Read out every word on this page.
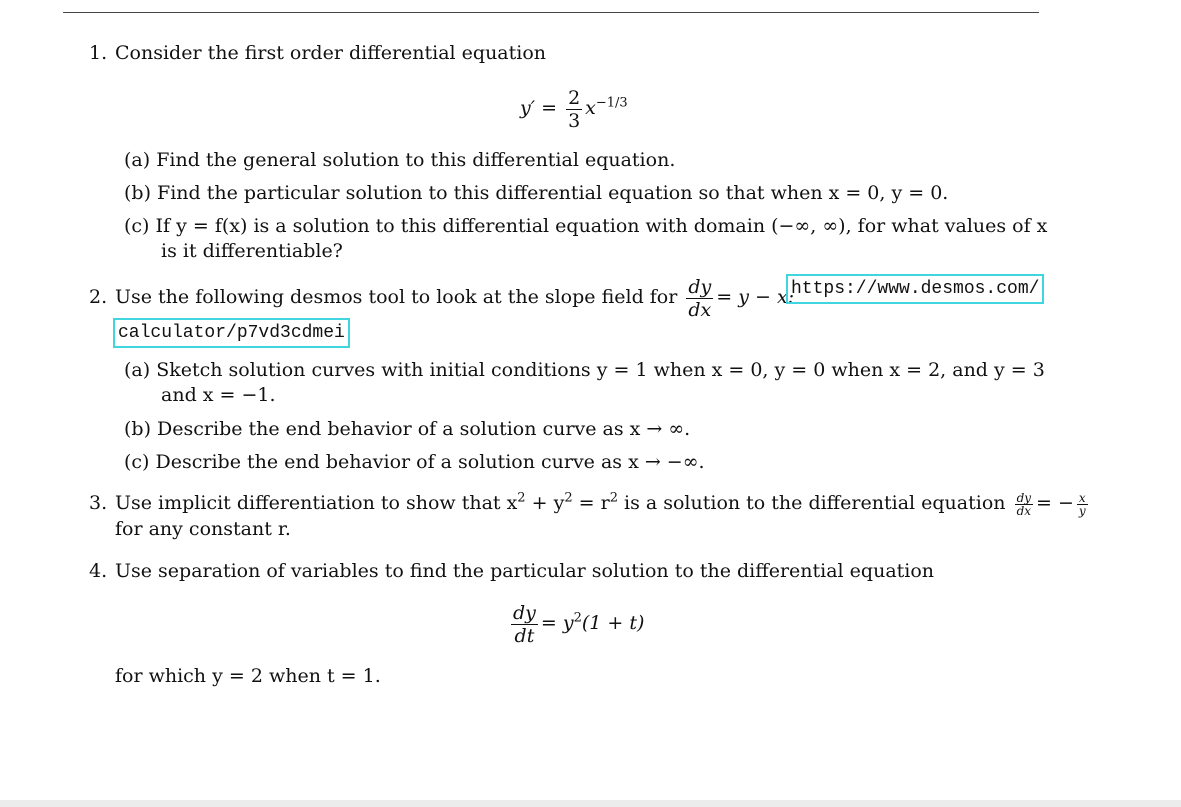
1. Consider the first order differential equation
$y' = \frac{2}{3} x^{-1/3}$
(a) Find the general solution to this differential equation.
(b) Find the particular solution to this differential equation so that when x = 0, y = 0.
(c) If y = f(x) is a solution to this differential equation with domain (−∞, ∞), for what values of x
is it differentiable?
2. Use the following desmos tool to look at the slope field for $\frac{dy}{dx} = y - x$:
https://www.desmos.com/
calculator/p7vd3cdmei
(a) Sketch solution curves with initial conditions y = 1 when x = 0, y = 0 when x = 2, and y = 3
and x = −1.
(b) Describe the end behavior of a solution curve as x → ∞.
(c) Describe the end behavior of a solution curve as x → −∞.
3. Use implicit differentiation to show that $x^2 + y^2 = r^2$ is a solution to the differential equation $\frac{dy}{dx}$ = − $\frac{x}{y}$
for any constant r.
4. Use separation of variables to find the particular solution to the differential equation
$\frac{dy}{dt} = y^2(1 + t)$
for which y = 2 when t = 1.
